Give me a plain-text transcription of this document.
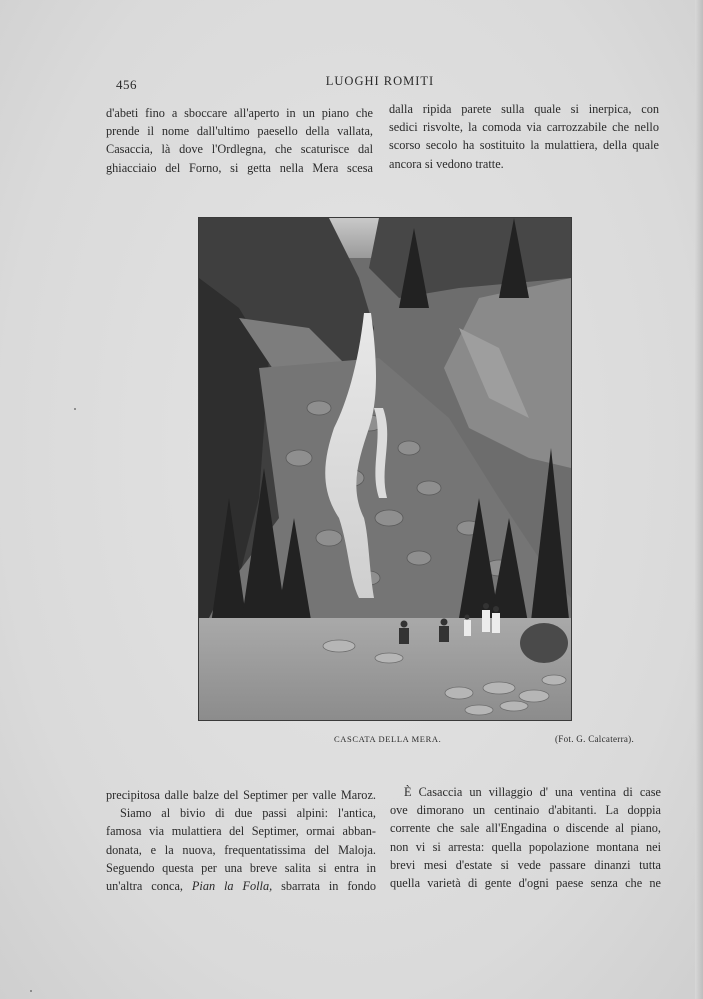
456	LUOGHI ROMITI
d'abeti fino a sboccare all'aperto in un piano che
prende il nome dall'ultimo paesello della vallata,
Casaccia, là dove l'Ordlegna, che scaturisce dal
ghiacciaio del Forno, si getta nella Mera scesa
dalla ripida parete sulla quale si inerpica, con
sedici risvolte, la comoda via carrozzabile che nello
scorso secolo ha sostituito la mulattiera, della quale
ancora si vedono tratte.
CASCATA DELLA MERA.	(Fot. G. Calcaterra).
precipitosa dalle balze del Septimer per valle Maroz.
Siamo al bivio di due passi alpini: l'antica,
famosa via mulattiera del Septimer, ormai abban-
donata, e la nuova, frequentatissima del Maloja.
Seguendo questa per una breve salita si entra in
un'altra conca, Pian la Folla, sbarrata in fondo
È Casaccia un villaggio d' una ventina di case
ove dimorano un centinaio d'abitanti. La doppia
corrente che sale all'Engadina o discende al piano,
non vi si arresta: quella popolazione montana nei
brevi mesi d'estate si vede passare dinanzi tutta
quella varietà di gente d'ogni paese senza che ne
